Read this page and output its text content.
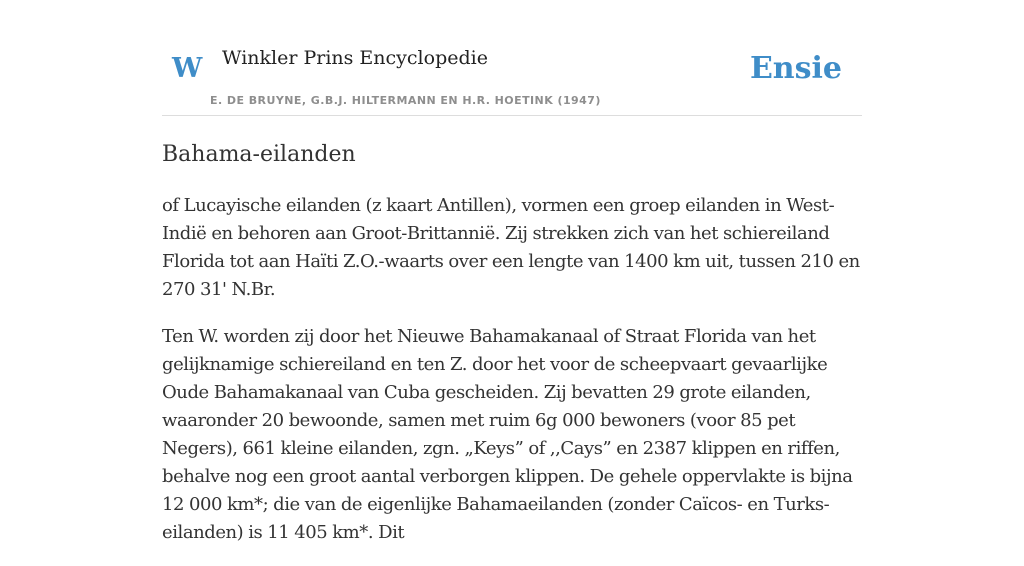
W Winkler Prins Encyclopedie	Ensie
E. DE BRUYNE, G.B.J. HILTERMANN EN H.R. HOETINK (1947)
Bahama-eilanden

of Lucayische eilanden (z kaart Antillen), vormen een groep eilanden in West-Indië en behoren aan Groot-Brittannië. Zij strekken zich van het schiereiland Florida tot aan Haïti Z.O.-waarts over een lengte van 1400 km uit, tussen 210 en 270 31' N.Br.

Ten W. worden zij door het Nieuwe Bahamakanaal of Straat Florida van het gelijknamige schiereiland en ten Z. door het voor de scheepvaart gevaarlijke Oude Bahamakanaal van Cuba gescheiden. Zij bevatten 29 grote eilanden, waaronder 20 bewoonde, samen met ruim 6g 000 bewoners (voor 85 pet Negers), 661 kleine eilanden, zgn. „Keys” of ,,Cays” en 2387 klippen en riffen, behalve nog een groot aantal verborgen klippen. De gehele oppervlakte is bijna 12 000 km*; die van de eigenlijke Bahamaeilanden (zonder Caïcos- en Turks-eilanden) is 11 405 km*. Dit
